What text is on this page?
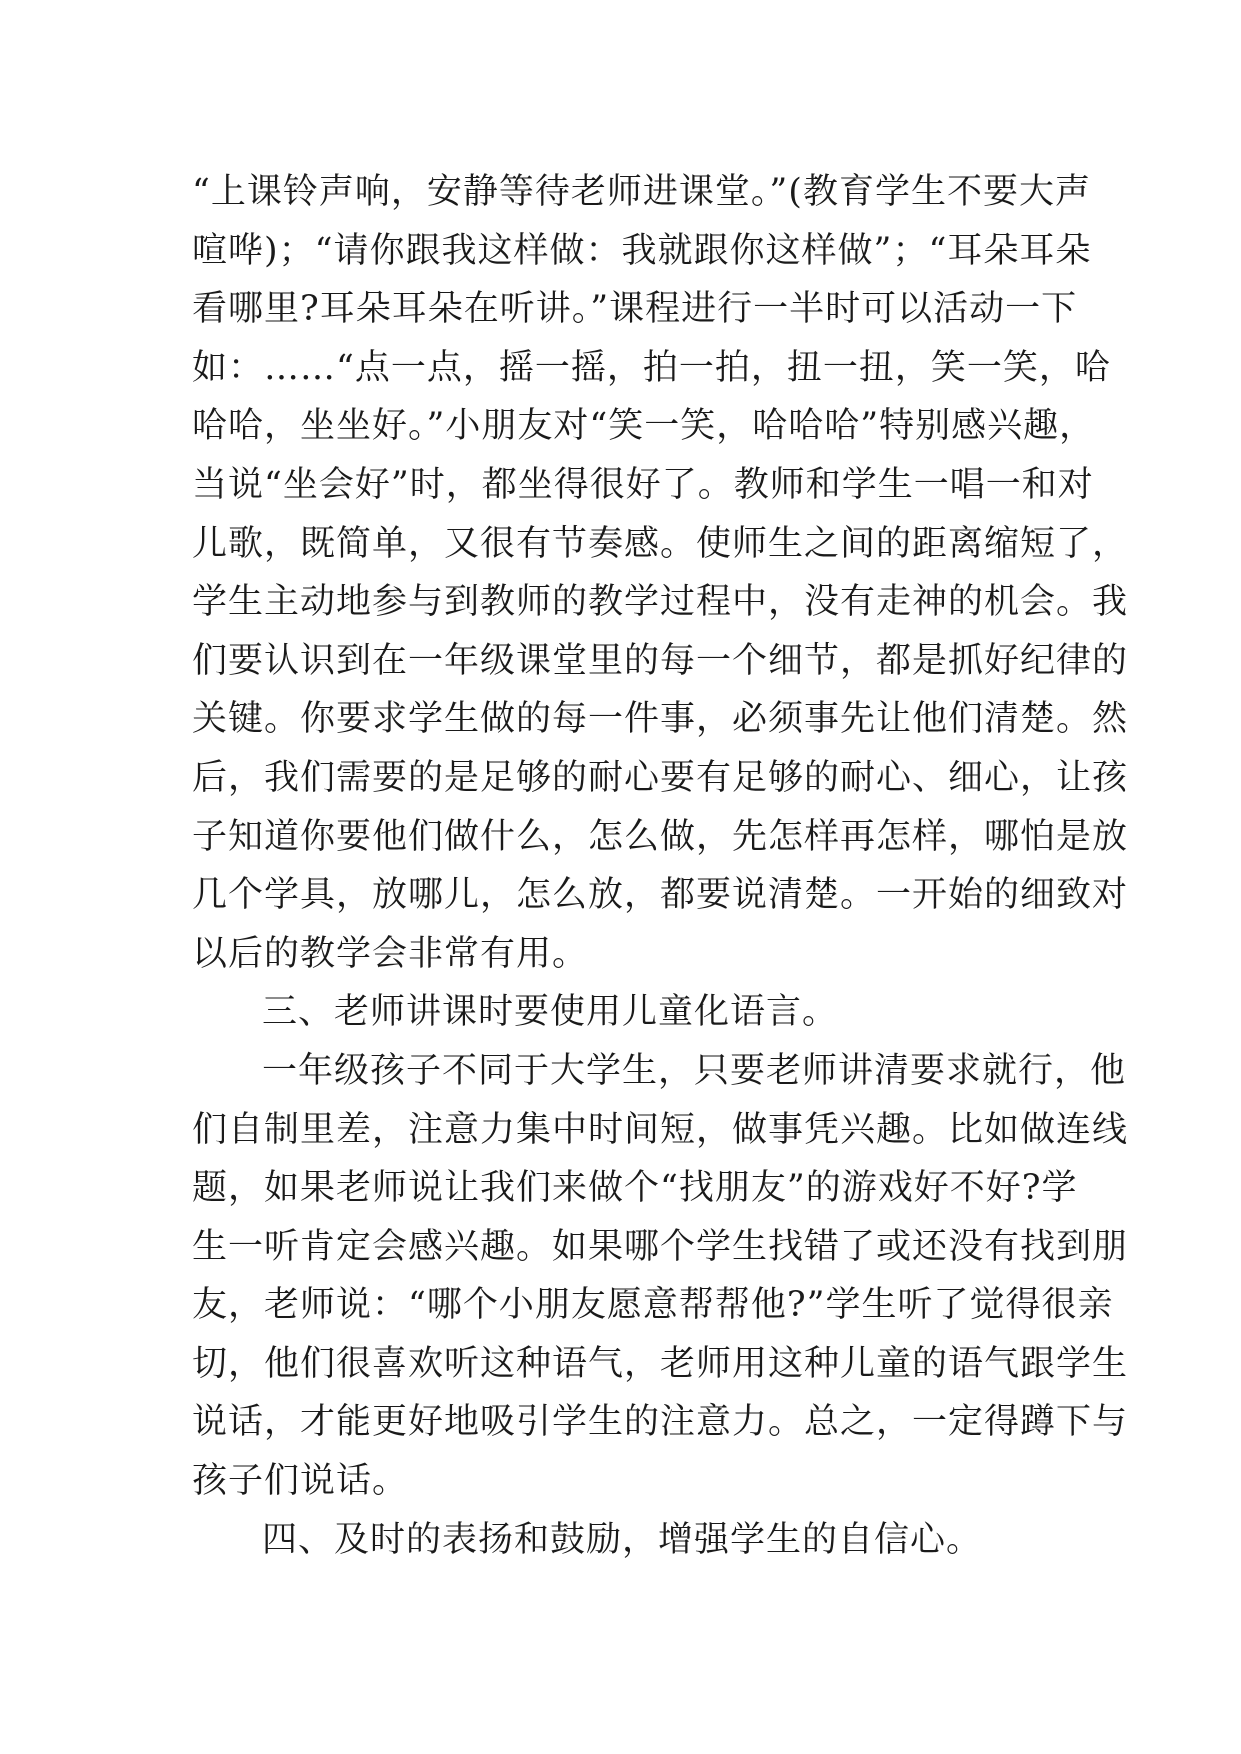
“上课铃声响，安静等待老师进课堂。”(教育学生不要大声
喧哗)；“请你跟我这样做：我就跟你这样做”；“耳朵耳朵
看哪里?耳朵耳朵在听讲。”课程进行一半时可以活动一下
如：……“点一点，摇一摇，拍一拍，扭一扭，笑一笑，哈
哈哈，坐坐好。”小朋友对“笑一笑，哈哈哈”特别感兴趣，
当说“坐会好”时，都坐得很好了。教师和学生一唱一和对
儿歌，既简单，又很有节奏感。使师生之间的距离缩短了，
学生主动地参与到教师的教学过程中，没有走神的机会。我
们要认识到在一年级课堂里的每一个细节，都是抓好纪律的
关键。你要求学生做的每一件事，必须事先让他们清楚。然
后，我们需要的是足够的耐心要有足够的耐心、细心，让孩
子知道你要他们做什么，怎么做，先怎样再怎样，哪怕是放
几个学具，放哪儿，怎么放，都要说清楚。一开始的细致对
以后的教学会非常有用。

三、老师讲课时要使用儿童化语言。

一年级孩子不同于大学生，只要老师讲清要求就行，他
们自制里差，注意力集中时间短，做事凭兴趣。比如做连线
题，如果老师说让我们来做个“找朋友”的游戏好不好?学
生一听肯定会感兴趣。如果哪个学生找错了或还没有找到朋
友，老师说：“哪个小朋友愿意帮帮他?”学生听了觉得很亲
切，他们很喜欢听这种语气，老师用这种儿童的语气跟学生
说话，才能更好地吸引学生的注意力。总之，一定得蹲下与
孩子们说话。

四、及时的表扬和鼓励，增强学生的自信心。
